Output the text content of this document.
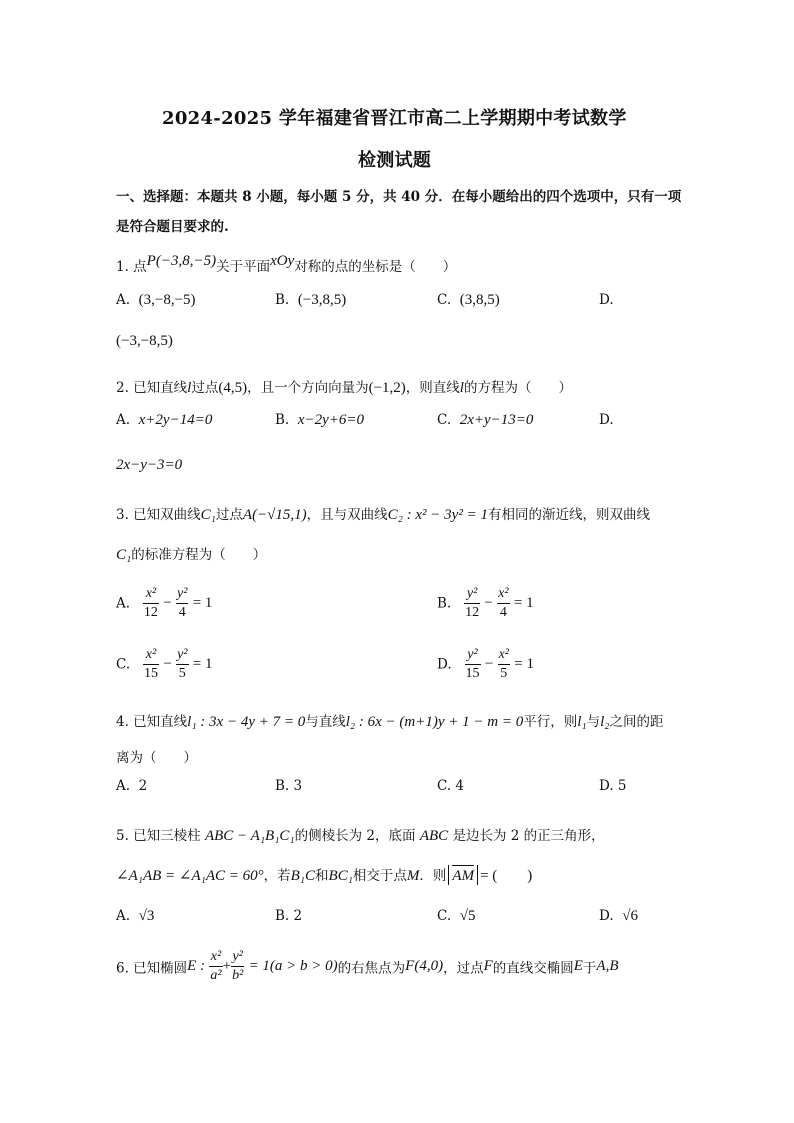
2024-2025 学年福建省晋江市高二上学期期中考试数学
检测试题
一、选择题：本题共 8 小题，每小题 5 分，共 40 分．在每小题给出的四个选项中，只有一项
是符合题目要求的.
1. 点P(−3,8,−5)关于平面xOy对称的点的坐标是（　　）
A. (3,−8,−5)	B. (−3,8,5)	C. (3,8,5)	D.
(−3,−8,5)
2. 已知直线l过点(4,5)，且一个方向向量为(−1,2)，则直线l的方程为（　　）
A. x+2y−14=0	B. x−2y+6=0	C. 2x+y−13=0	D.
2x−y−3=0
3. 已知双曲线C₁过点A(−√15,1)，且与双曲线C₂ : x² − 3y² = 1有相同的渐近线，则双曲线
C₁的标准方程为（　　）
A. $\frac{\text{x²}}{12} - \frac{\text{y²}}{4} = 1$	B. $\frac{\text{y²}}{12} - \frac{\text{x²}}{4} = 1$
C. $\frac{\text{x²}}{15} - \frac{\text{y²}}{5} = 1$	D. $\frac{\text{y²}}{15} - \frac{\text{x²}}{5} = 1$
4. 已知直线l₁ : 3x − 4y + 7 = 0与直线l₂ : 6x − (m+1)y + 1 − m = 0平行，则l₁与l₂之间的距
离为（　　）
A. 2	B. 3	C. 4	D. 5
5. 已知三棱柱 ABC − A₁B₁C₁的侧棱长为 2，底面 ABC 是边长为 2 的正三角形，
∠A₁AB = ∠A₁AC = 60°，若B₁C和BC₁相交于点M．则 AM = (　　)
A. √3	B. 2	C. √5	D. √6
6. 已知椭圆E : $\frac{\text{x²}}{\text{a²}} + \frac{\text{y²}}{\text{b²}} = 1(a > b > 0)$的右焦点为F(4,0)，过点F的直线交椭圆E于A,B
